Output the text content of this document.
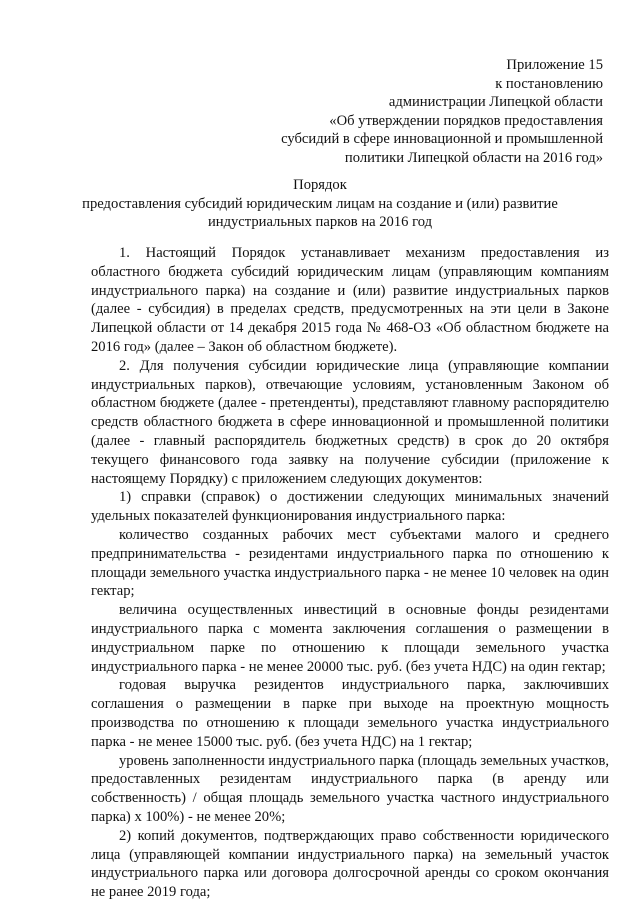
Приложение 15
к постановлению
администрации Липецкой области
«Об утверждении порядков предоставления
субсидий в сфере инновационной и промышленной
политики Липецкой области на 2016 год»
Порядок
предоставления субсидий юридическим лицам на создание и (или) развитие
индустриальных парков на 2016 год

1. Настоящий Порядок устанавливает механизм предоставления из областного бюджета субсидий юридическим лицам (управляющим компаниям индустриального парка) на создание и (или) развитие индустриальных парков (далее - субсидия) в пределах средств, предусмотренных на эти цели в Законе Липецкой области от 14 декабря 2015 года № 468-ОЗ «Об областном бюджете на 2016 год» (далее – Закон об областном бюджете).

2. Для получения субсидии юридические лица (управляющие компании индустриальных парков), отвечающие условиям, установленным Законом об областном бюджете (далее - претенденты), представляют главному распорядителю средств областного бюджета в сфере инновационной и промышленной политики (далее - главный распорядитель бюджетных средств) в срок до 20 октября текущего финансового года заявку на получение субсидии (приложение к настоящему Порядку) с приложением следующих документов:

1) справки (справок) о достижении следующих минимальных значений удельных показателей функционирования индустриального парка:

количество созданных рабочих мест субъектами малого и среднего предпринимательства - резидентами индустриального парка по отношению к площади земельного участка индустриального парка - не менее 10 человек на один гектар;

величина осуществленных инвестиций в основные фонды резидентами индустриального парка с момента заключения соглашения о размещении в индустриальном парке по отношению к площади земельного участка индустриального парка - не менее 20000 тыс. руб. (без учета НДС) на один гектар;

годовая выручка резидентов индустриального парка, заключивших соглашения о размещении в парке при выходе на проектную мощность производства по отношению к площади земельного участка индустриального парка - не менее 15000 тыс. руб. (без учета НДС) на 1 гектар;

уровень заполненности индустриального парка (площадь земельных участков, предоставленных резидентам индустриального парка (в аренду или собственность) / общая площадь земельного участка частного индустриального парка) x 100%) - не менее 20%;

2) копий документов, подтверждающих право собственности юридического лица (управляющей компании индустриального парка) на земельный участок индустриального парка или договора долгосрочной аренды со сроком окончания не ранее 2019 года;
